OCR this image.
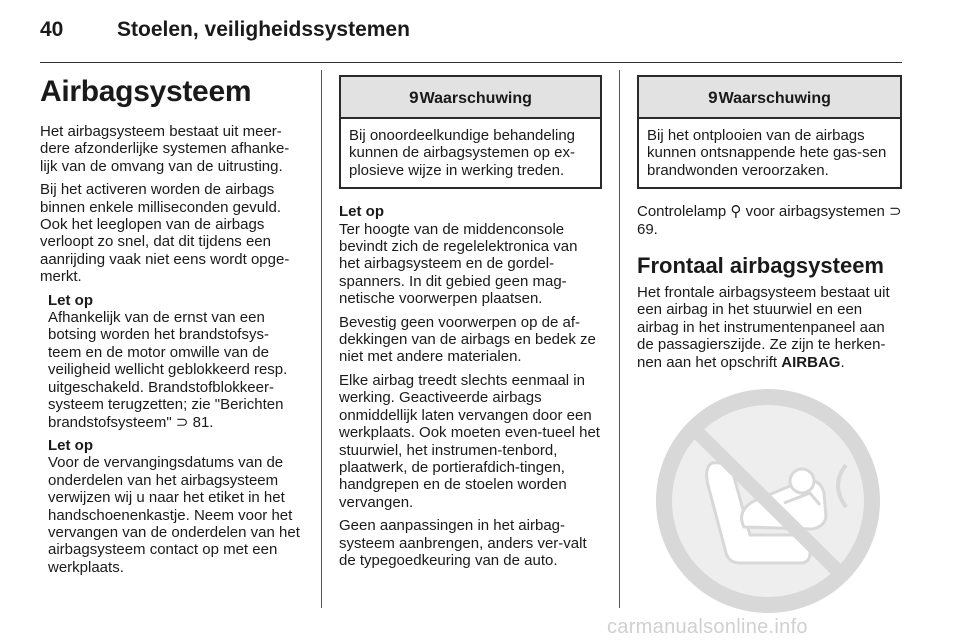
40	Stoelen, veiligheidssystemen
Airbagsysteem

Het airbagsysteem bestaat uit meer-dere afzonderlijke systemen afhanke-lijk van de omvang van de uitrusting.

Bij het activeren worden de airbags binnen enkele milliseconden gevuld. Ook het leeglopen van de airbags verloopt zo snel, dat dit tijdens een aanrijding vaak niet eens wordt opge-merkt.

Let op

Afhankelijk van de ernst van een botsing worden het brandstofsys-teem en de motor omwille van de veiligheid wellicht geblokkeerd resp. uitgeschakeld. Brandstofblokkeer-systeem terugzetten; zie "Berichten brandstofsysteem" ⊃ 81.

Let op

Voor de vervangingsdatums van de onderdelen van het airbagsysteem verwijzen wij u naar het etiket in het handschoenenkastje. Neem voor het vervangen van de onderdelen van het airbagsysteem contact op met een werkplaats.

9Waarschuwing
Bij onoordeelkundige behandeling kunnen de airbagsystemen op ex-plosieve wijze in werking treden.
Let op

Ter hoogte van de middenconsole bevindt zich de regelelektronica van het airbagsysteem en de gordel-spanners. In dit gebied geen mag-netische voorwerpen plaatsen.

Bevestig geen voorwerpen op de af-dekkingen van de airbags en bedek ze niet met andere materialen.

Elke airbag treedt slechts eenmaal in werking. Geactiveerde airbags onmiddellijk laten vervangen door een werkplaats. Ook moeten even-tueel het stuurwiel, het instrumen-tenbord, plaatwerk, de portierafdich-tingen, handgrepen en de stoelen worden vervangen.

Geen aanpassingen in het airbag-systeem aanbrengen, anders ver-valt de typegoedkeuring van de auto.

9Waarschuwing
Bij het ontplooien van de airbags kunnen ontsnappende hete gas-sen brandwonden veroorzaken.

Controlelamp ⚲ voor airbagsystemen ⊃ 69.

Frontaal airbagsysteem

Het frontale airbagsysteem bestaat uit een airbag in het stuurwiel en een airbag in het instrumentenpaneel aan de passagierszijde. Ze zijn te herken-nen aan het opschrift AIRBAG.

carmanualsonline.info
